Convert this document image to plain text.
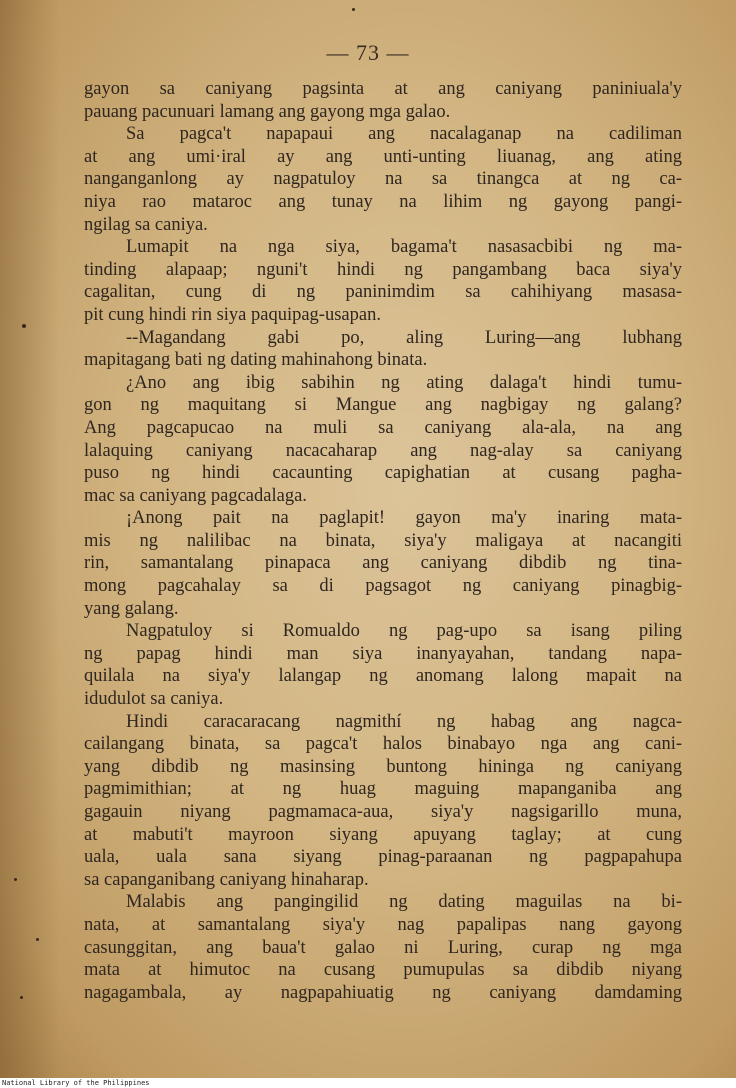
— 73 —
gayon sa caniyang pagsinta at ang caniyang paniniuala'y
pauang pacunuari lamang ang gayong mga galao.
Sa pagca't napapaui ang nacalaganap na cadiliman
at ang umi·iral ay ang unti-unting liuanag, ang ating
nanganganlong ay nagpatuloy na sa tinangca at ng ca-
niya rao mataroc ang tunay na lihim ng gayong pangi-
ngilag sa caniya.
Lumapit na nga siya, bagama't nasasacbibi ng ma-
tinding alapaap; nguni't hindi ng pangambang baca siya'y
cagalitan, cung di ng paninimdim sa cahihiyang masasa-
pit cung hindi rin siya paquipag-usapan.
--Magandang gabi po, aling Luring—ang lubhang
mapitagang bati ng dating mahinahong binata.
¿Ano ang ibig sabihin ng ating dalaga't hindi tumu-
gon ng maquitang si Mangue ang nagbigay ng galang?
Ang pagcapucao na muli sa caniyang ala-ala, na ang
lalaquing caniyang nacacaharap ang nag-alay sa caniyang
puso ng hindi cacaunting capighatian at cusang pagha-
mac sa caniyang pagcadalaga.
¡Anong pait na paglapit! gayon ma'y inaring mata-
mis ng nalilibac na binata, siya'y maligaya at nacangiti
rin, samantalang pinapaca ang caniyang dibdib ng tina-
mong pagcahalay sa di pagsagot ng caniyang pinagbig-
yang galang.
Nagpatuloy si Romualdo ng pag-upo sa isang piling
ng papag hindi man siya inanyayahan, tandang napa-
quilala na siya'y lalangap ng anomang lalong mapait na
idudulot sa caniya.
Hindi caracaracang nagmithí ng habag ang nagca-
cailangang binata, sa pagca't halos binabayo nga ang cani-
yang dibdib ng masinsing buntong hininga ng caniyang
pagmimithian; at ng huag maguing mapanganiba ang
gagauin niyang pagmamaca-aua, siya'y nagsigarillo muna,
at mabuti't mayroon siyang apuyang taglay; at cung
uala, uala sana siyang pinag-paraanan ng pagpapahupa
sa capanganibang caniyang hinaharap.
Malabis ang pangingilid ng dating maguilas na bi-
nata, at samantalang siya'y nag papalipas nang gayong
casunggitan, ang baua't galao ni Luring, curap ng mga
mata at himutoc na cusang pumupulas sa dibdib niyang
nagagambala, ay nagpapahiuatig ng caniyang damdaming
National Library of the Philippines
